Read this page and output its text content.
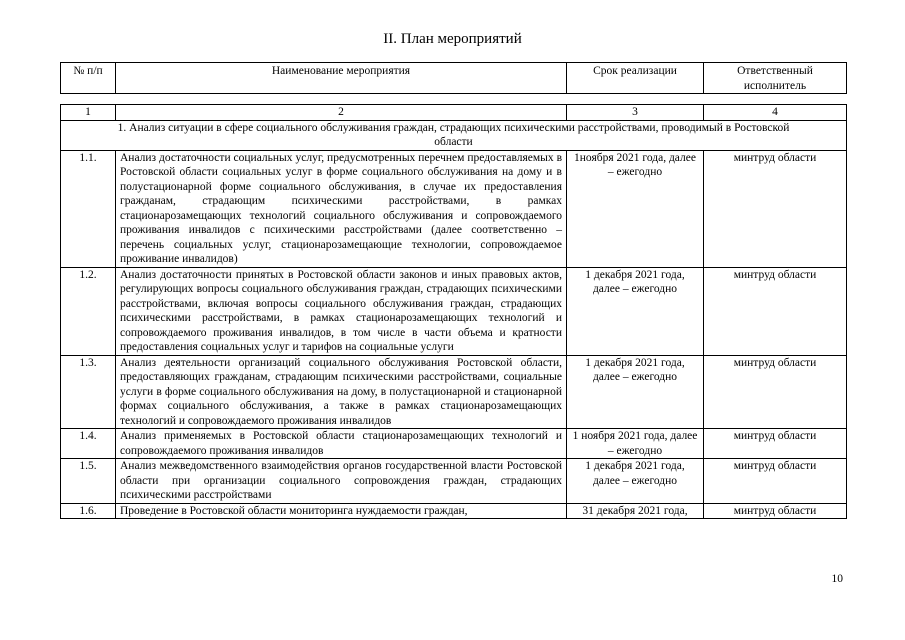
II. План мероприятий
№ п/п	Наименование мероприятия	Срок реализации	Ответственный исполнитель
1	2	3	4
1. Анализ ситуации в сфере социального обслуживания граждан, страдающих психическими расстройствами, проводимый в Ростовской области			
1.1.	Анализ достаточности социальных услуг, предусмотренных перечнем предоставляемых в Ростовской области социальных услуг в форме социального обслуживания на дому и в полустационарной форме социального обслуживания, в случае их предоставления гражданам, страдающим психическими расстройствами, в рамках стационарозамещающих технологий социального обслуживания и сопровождаемого проживания инвалидов с психическими расстройствами (далее соответственно – перечень социальных услуг, стационарозамещающие технологии, сопровождаемое проживание инвалидов)	1ноября 2021 года, далее – ежегодно	минтруд области
1.2.	Анализ достаточности принятых в Ростовской области законов и иных правовых актов, регулирующих вопросы социального обслуживания граждан, страдающих психическими расстройствами, включая вопросы социального обслуживания граждан, страдающих психическими расстройствами, в рамках стационарозамещающих технологий и сопровождаемого проживания инвалидов, в том числе в части объема и кратности предоставления социальных услуг и тарифов на социальные услуги	1 декабря 2021 года, далее – ежегодно	минтруд области
1.3.	Анализ деятельности организаций социального обслуживания Ростовской области, предоставляющих гражданам, страдающим психическими расстройствами, социальные услуги в форме социального обслуживания на дому, в полустационарной и стационарной формах социального обслуживания, а также в рамках стационарозамещающих технологий и сопровождаемого проживания инвалидов	1 декабря 2021 года, далее – ежегодно	минтруд области
1.4.	Анализ применяемых в Ростовской области стационарозамещающих технологий и сопровождаемого проживания инвалидов	1 ноября 2021 года, далее – ежегодно	минтруд области
1.5.	Анализ межведомственного взаимодействия органов государственной власти Ростовской области при организации социального сопровождения граждан, страдающих психическими расстройствами	1 декабря 2021 года, далее – ежегодно	минтруд области
1.6.	Проведение в Ростовской области мониторинга нуждаемости граждан,	31 декабря 2021 года,	минтруд области
10
